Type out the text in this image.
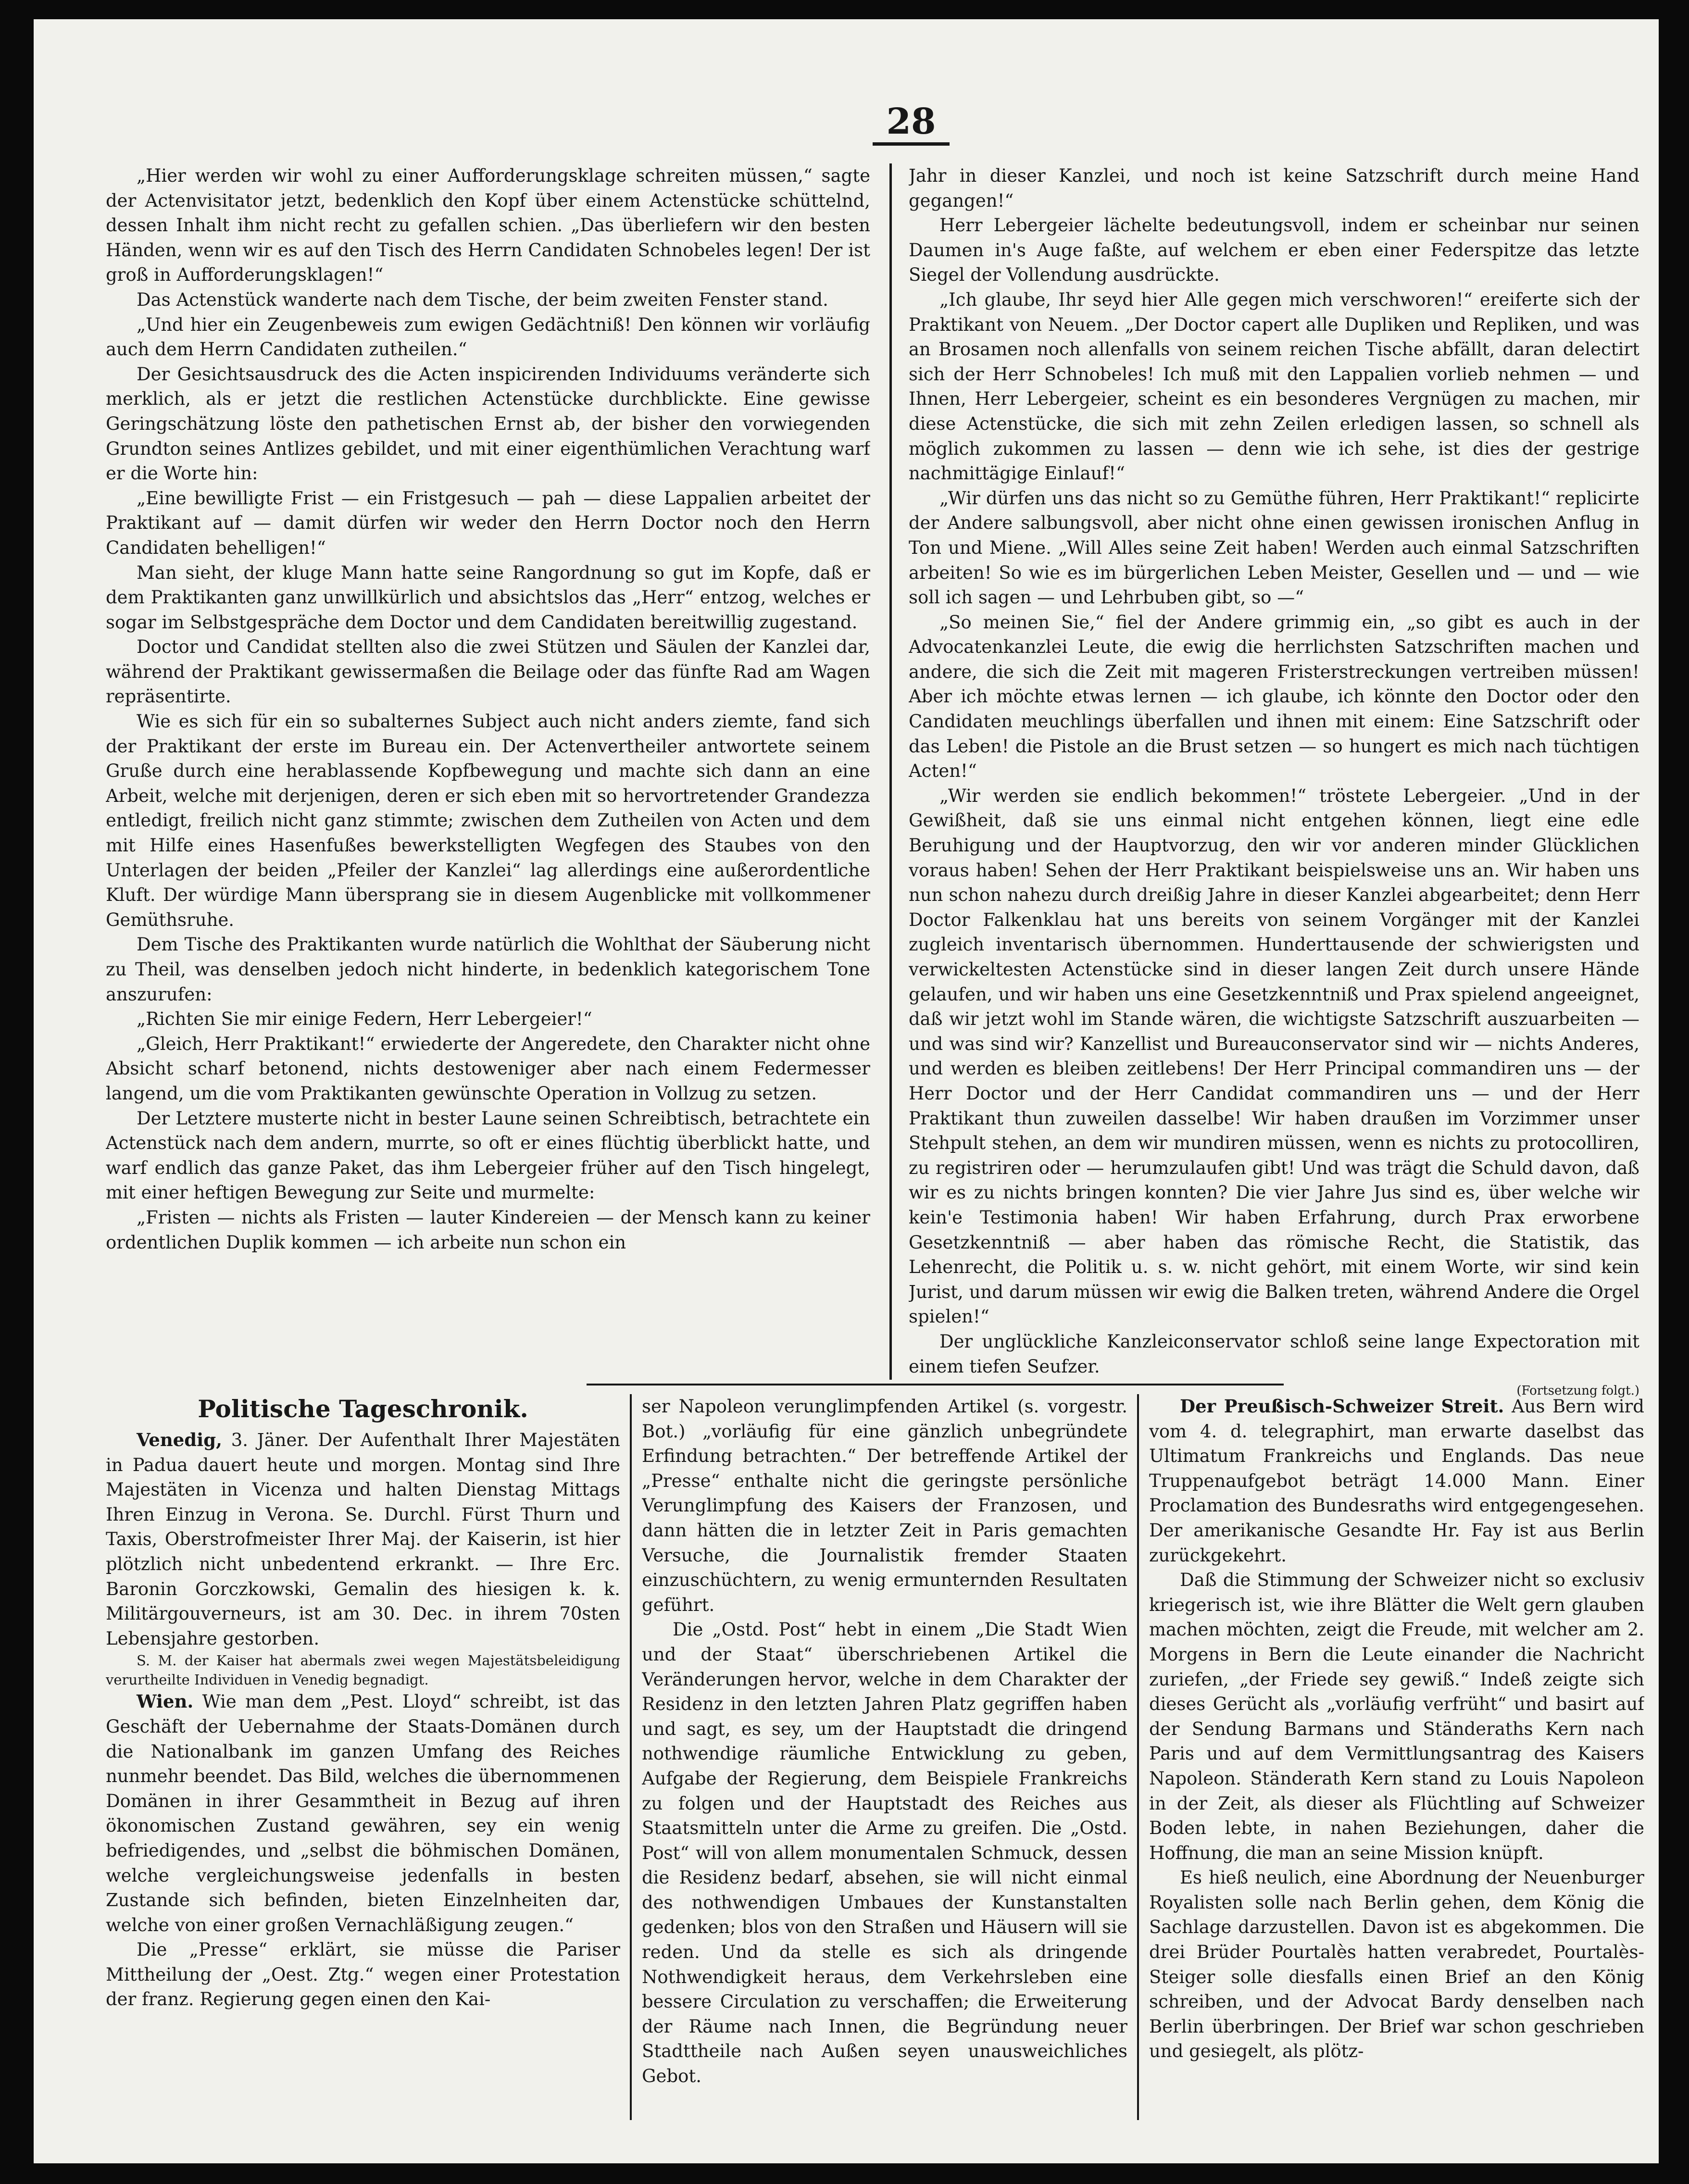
28

„Hier werden wir wohl zu einer Aufforderungsklage schreiten müssen,“ sagte der Actenvisitator jetzt, bedenklich den Kopf über einem Actenstücke schüttelnd, dessen Inhalt ihm nicht recht zu gefallen schien. „Das überliefern wir den besten Händen, wenn wir es auf den Tisch des Herrn Candidaten Schnobeles legen! Der ist groß in Aufforderungsklagen!“

Das Actenstück wanderte nach dem Tische, der beim zweiten Fenster stand.

„Und hier ein Zeugenbeweis zum ewigen Gedächtniß! Den können wir vorläufig auch dem Herrn Candidaten zutheilen.“

Der Gesichtsausdruck des die Acten inspicirenden Individuums veränderte sich merklich, als er jetzt die restlichen Actenstücke durchblickte. Eine gewisse Geringschätzung löste den pathetischen Ernst ab, der bisher den vorwiegenden Grundton seines Antlizes gebildet, und mit einer eigenthümlichen Verachtung warf er die Worte hin:

„Eine bewilligte Frist — ein Fristgesuch — pah — diese Lappalien arbeitet der Praktikant auf — damit dürfen wir weder den Herrn Doctor noch den Herrn Candidaten behelligen!“

Man sieht, der kluge Mann hatte seine Rangordnung so gut im Kopfe, daß er dem Praktikanten ganz unwillkürlich und absichtslos das „Herr“ entzog, welches er sogar im Selbstgespräche dem Doctor und dem Candidaten bereitwillig zugestand.

Doctor und Candidat stellten also die zwei Stützen und Säulen der Kanzlei dar, während der Praktikant gewissermaßen die Beilage oder das fünfte Rad am Wagen repräsentirte.

Wie es sich für ein so subalternes Subject auch nicht anders ziemte, fand sich der Praktikant der erste im Bureau ein. Der Actenvertheiler antwortete seinem Gruße durch eine herablassende Kopfbewegung und machte sich dann an eine Arbeit, welche mit derjenigen, deren er sich eben mit so hervortretender Grandezza entledigt, freilich nicht ganz stimmte; zwischen dem Zutheilen von Acten und dem mit Hilfe eines Hasenfußes bewerkstelligten Wegfegen des Staubes von den Unterlagen der beiden „Pfeiler der Kanzlei“ lag allerdings eine außerordentliche Kluft. Der würdige Mann übersprang sie in diesem Augenblicke mit vollkommener Gemüthsruhe.

Dem Tische des Praktikanten wurde natürlich die Wohlthat der Säuberung nicht zu Theil, was denselben jedoch nicht hinderte, in bedenklich kategorischem Tone anszurufen:

„Richten Sie mir einige Federn, Herr Lebergeier!“

„Gleich, Herr Praktikant!“ erwiederte der Angeredete, den Charakter nicht ohne Absicht scharf betonend, nichts destoweniger aber nach einem Federmesser langend, um die vom Praktikanten gewünschte Operation in Vollzug zu setzen.

Der Letztere musterte nicht in bester Laune seinen Schreibtisch, betrachtete ein Actenstück nach dem andern, murrte, so oft er eines flüchtig überblickt hatte, und warf endlich das ganze Paket, das ihm Lebergeier früher auf den Tisch hingelegt, mit einer heftigen Bewegung zur Seite und murmelte:

„Fristen — nichts als Fristen — lauter Kindereien — der Mensch kann zu keiner ordentlichen Duplik kommen — ich arbeite nun schon ein

Jahr in dieser Kanzlei, und noch ist keine Satzschrift durch meine Hand gegangen!“

Herr Lebergeier lächelte bedeutungsvoll, indem er scheinbar nur seinen Daumen in's Auge faßte, auf welchem er eben einer Federspitze das letzte Siegel der Vollendung ausdrückte.

„Ich glaube, Ihr seyd hier Alle gegen mich verschworen!“ ereiferte sich der Praktikant von Neuem. „Der Doctor capert alle Dupliken und Repliken, und was an Brosamen noch allenfalls von seinem reichen Tische abfällt, daran delectirt sich der Herr Schnobeles! Ich muß mit den Lappalien vorlieb nehmen — und Ihnen, Herr Lebergeier, scheint es ein besonderes Vergnügen zu machen, mir diese Actenstücke, die sich mit zehn Zeilen erledigen lassen, so schnell als möglich zukommen zu lassen — denn wie ich sehe, ist dies der gestrige nachmittägige Einlauf!“

„Wir dürfen uns das nicht so zu Gemüthe führen, Herr Praktikant!“ replicirte der Andere salbungsvoll, aber nicht ohne einen gewissen ironischen Anflug in Ton und Miene. „Will Alles seine Zeit haben! Werden auch einmal Satzschriften arbeiten! So wie es im bürgerlichen Leben Meister, Gesellen und — und — wie soll ich sagen — und Lehrbuben gibt, so —“

„So meinen Sie,“ fiel der Andere grimmig ein, „so gibt es auch in der Advocatenkanzlei Leute, die ewig die herrlichsten Satzschriften machen und andere, die sich die Zeit mit mageren Fristerstreckungen vertreiben müssen! Aber ich möchte etwas lernen — ich glaube, ich könnte den Doctor oder den Candidaten meuchlings überfallen und ihnen mit einem: Eine Satzschrift oder das Leben! die Pistole an die Brust setzen — so hungert es mich nach tüchtigen Acten!“

„Wir werden sie endlich bekommen!“ tröstete Lebergeier. „Und in der Gewißheit, daß sie uns einmal nicht entgehen können, liegt eine edle Beruhigung und der Hauptvorzug, den wir vor anderen minder Glücklichen voraus haben! Sehen der Herr Praktikant beispielsweise uns an. Wir haben uns nun schon nahezu durch dreißig Jahre in dieser Kanzlei abgearbeitet; denn Herr Doctor Falkenklau hat uns bereits von seinem Vorgänger mit der Kanzlei zugleich inventarisch übernommen. Hunderttausende der schwierigsten und verwickeltesten Actenstücke sind in dieser langen Zeit durch unsere Hände gelaufen, und wir haben uns eine Gesetzkenntniß und Prax spielend angeeignet, daß wir jetzt wohl im Stande wären, die wichtigste Satzschrift auszuarbeiten — und was sind wir? Kanzellist und Bureauconservator sind wir — nichts Anderes, und werden es bleiben zeitlebens! Der Herr Principal commandiren uns — der Herr Doctor und der Herr Candidat commandiren uns — und der Herr Praktikant thun zuweilen dasselbe! Wir haben draußen im Vorzimmer unser Stehpult stehen, an dem wir mundiren müssen, wenn es nichts zu protocolliren, zu registriren oder — herumzulaufen gibt! Und was trägt die Schuld davon, daß wir es zu nichts bringen konnten? Die vier Jahre Jus sind es, über welche wir kein'e Testimonia haben! Wir haben Erfahrung, durch Prax erworbene Gesetzkenntniß — aber haben das römische Recht, die Statistik, das Lehenrecht, die Politik u. s. w. nicht gehört, mit einem Worte, wir sind kein Jurist, und darum müssen wir ewig die Balken treten, während Andere die Orgel spielen!“

Der unglückliche Kanzleiconservator schloß seine lange Expectoration mit einem tiefen Seufzer.

(Fortsetzung folgt.)

Politische Tageschronik.

Venedig, 3. Jäner. Der Aufenthalt Ihrer Majestäten in Padua dauert heute und morgen. Montag sind Ihre Majestäten in Vicenza und halten Dienstag Mittags Ihren Einzug in Verona. Se. Durchl. Fürst Thurn und Taxis, Oberstrofmeister Ihrer Maj. der Kaiserin, ist hier plötzlich nicht unbedentend erkrankt. — Ihre Erc. Baronin Gorczkowski, Gemalin des hiesigen k. k. Militärgouverneurs, ist am 30. Dec. in ihrem 70sten Lebensjahre gestorben.

S. M. der Kaiser hat abermals zwei wegen Majestätsbeleidigung verurtheilte Individuen in Venedig begnadigt.

Wien. Wie man dem „Pest. Lloyd“ schreibt, ist das Geschäft der Uebernahme der Staats-Domänen durch die Nationalbank im ganzen Umfang des Reiches nunmehr beendet. Das Bild, welches die übernommenen Domänen in ihrer Gesammtheit in Bezug auf ihren ökonomischen Zustand gewähren, sey ein wenig befriedigendes, und „selbst die böhmischen Domänen, welche vergleichungsweise jedenfalls in besten Zustande sich befinden, bieten Einzelnheiten dar, welche von einer großen Vernachläßigung zeugen.“

Die „Presse“ erklärt, sie müsse die Pariser Mittheilung der „Oest. Ztg.“ wegen einer Protestation der franz. Regierung gegen einen den Kai-

ser Napoleon verunglimpfenden Artikel (s. vorgestr. Bot.) „vorläufig für eine gänzlich unbegründete Erfindung betrachten.“ Der betreffende Artikel der „Presse“ enthalte nicht die geringste persönliche Verunglimpfung des Kaisers der Franzosen, und dann hätten die in letzter Zeit in Paris gemachten Versuche, die Journalistik fremder Staaten einzuschüchtern, zu wenig ermunternden Resultaten geführt.

Die „Ostd. Post“ hebt in einem „Die Stadt Wien und der Staat“ überschriebenen Artikel die Veränderungen hervor, welche in dem Charakter der Residenz in den letzten Jahren Platz gegriffen haben und sagt, es sey, um der Hauptstadt die dringend nothwendige räumliche Entwicklung zu geben, Aufgabe der Regierung, dem Beispiele Frankreichs zu folgen und der Hauptstadt des Reiches aus Staatsmitteln unter die Arme zu greifen. Die „Ostd. Post“ will von allem monumentalen Schmuck, dessen die Residenz bedarf, absehen, sie will nicht einmal des nothwendigen Umbaues der Kunstanstalten gedenken; blos von den Straßen und Häusern will sie reden. Und da stelle es sich als dringende Nothwendigkeit heraus, dem Verkehrsleben eine bessere Circulation zu verschaffen; die Erweiterung der Räume nach Innen, die Begründung neuer Stadttheile nach Außen seyen unausweichliches Gebot.

Der Preußisch-Schweizer Streit. Aus Bern wird vom 4. d. telegraphirt, man erwarte daselbst das Ultimatum Frankreichs und Englands. Das neue Truppenaufgebot beträgt 14.000 Mann. Einer Proclamation des Bundesraths wird entgegengesehen. Der amerikanische Gesandte Hr. Fay ist aus Berlin zurückgekehrt.

Daß die Stimmung der Schweizer nicht so exclusiv kriegerisch ist, wie ihre Blätter die Welt gern glauben machen möchten, zeigt die Freude, mit welcher am 2. Morgens in Bern die Leute einander die Nachricht zuriefen, „der Friede sey gewiß.“ Indeß zeigte sich dieses Gerücht als „vorläufig verfrüht“ und basirt auf der Sendung Barmans und Ständeraths Kern nach Paris und auf dem Vermittlungsantrag des Kaisers Napoleon. Ständerath Kern stand zu Louis Napoleon in der Zeit, als dieser als Flüchtling auf Schweizer Boden lebte, in nahen Beziehungen, daher die Hoffnung, die man an seine Mission knüpft.

Es hieß neulich, eine Abordnung der Neuenburger Royalisten solle nach Berlin gehen, dem König die Sachlage darzustellen. Davon ist es abgekommen. Die drei Brüder Pourtalès hatten verabredet, Pourtalès-Steiger solle diesfalls einen Brief an den König schreiben, und der Advocat Bardy denselben nach Berlin überbringen. Der Brief war schon geschrieben und gesiegelt, als plötz-
